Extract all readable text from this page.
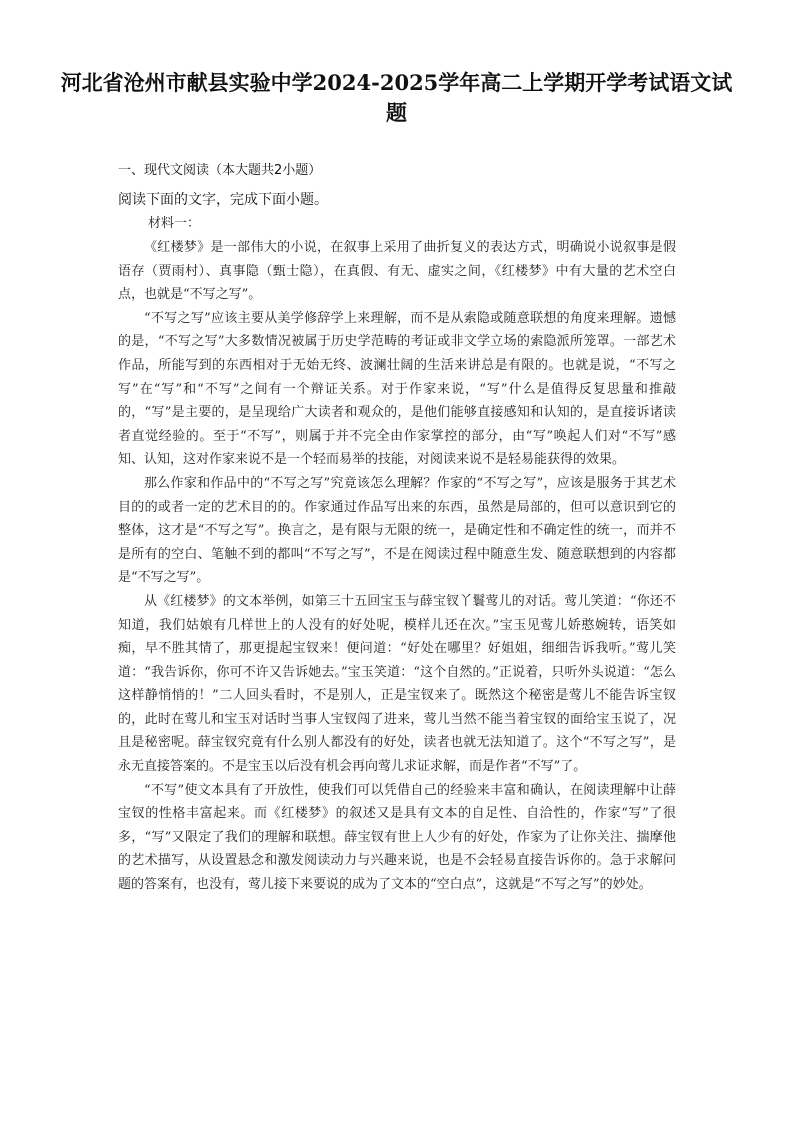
河北省沧州市献县实验中学2024-2025学年高二上学期开学考试语文试题
一、现代文阅读（本大题共2小题）
阅读下面的文字，完成下面小题。
材料一：

《红楼梦》是一部伟大的小说，在叙事上采用了曲折复义的表达方式，明确说小说叙事是假语存（贾雨村）、真事隐（甄士隐），在真假、有无、虚实之间，《红楼梦》中有大量的艺术空白点，也就是“不写之写”。

“不写之写”应该主要从美学修辞学上来理解，而不是从索隐或随意联想的角度来理解。遗憾的是，“不写之写”大多数情况被属于历史学范畴的考证或非文学立场的索隐派所笼罩。一部艺术作品，所能写到的东西相对于无始无终、波澜壮阔的生活来讲总是有限的。也就是说，“不写之写”在“写”和“不写”之间有一个辩证关系。对于作家来说，“写”什么是值得反复思量和推敲的，“写”是主要的，是呈现给广大读者和观众的，是他们能够直接感知和认知的，是直接诉诸读者直觉经验的。至于“不写”，则属于并不完全由作家掌控的部分，由“写”唤起人们对“不写”感知、认知，这对作家来说不是一个轻而易举的技能，对阅读来说不是轻易能获得的效果。

那么作家和作品中的“不写之写”究竟该怎么理解？作家的“不写之写”，应该是服务于其艺术目的的或者一定的艺术目的的。作家通过作品写出来的东西，虽然是局部的，但可以意识到它的整体，这才是“不写之写”。换言之，是有限与无限的统一，是确定性和不确定性的统一，而并不是所有的空白、笔触不到的都叫“不写之写”，不是在阅读过程中随意生发、随意联想到的内容都是“不写之写”。

从《红楼梦》的文本举例，如第三十五回宝玉与薛宝钗丫鬟莺儿的对话。莺儿笑道：“你还不知道，我们姑娘有几样世上的人没有的好处呢，模样儿还在次。”宝玉见莺儿娇憨婉转，语笑如痴，早不胜其情了，那更提起宝钗来！便问道：“好处在哪里？好姐姐，细细告诉我听。”莺儿笑道：“我告诉你，你可不许又告诉她去。”宝玉笑道：“这个自然的。”正说着，只听外头说道：“怎么这样静悄悄的！”二人回头看时，不是别人，正是宝钗来了。既然这个秘密是莺儿不能告诉宝钗的，此时在莺儿和宝玉对话时当事人宝钗闯了进来，莺儿当然不能当着宝钗的面给宝玉说了，况且是秘密呢。薛宝钗究竟有什么别人都没有的好处，读者也就无法知道了。这个“不写之写”，是永无直接答案的。不是宝玉以后没有机会再向莺儿求证求解，而是作者“不写”了。

“不写”使文本具有了开放性，使我们可以凭借自己的经验来丰富和确认，在阅读理解中让薛宝钗的性格丰富起来。而《红楼梦》的叙述又是具有文本的自足性、自洽性的，作家“写”了很多，“写”又限定了我们的理解和联想。薛宝钗有世上人少有的好处，作家为了让你关注、揣摩他的艺术描写，从设置悬念和激发阅读动力与兴趣来说，也是不会轻易直接告诉你的。急于求解问题的答案有，也没有，莺儿接下来要说的成为了文本的“空白点”，这就是“不写之写”的妙处。
